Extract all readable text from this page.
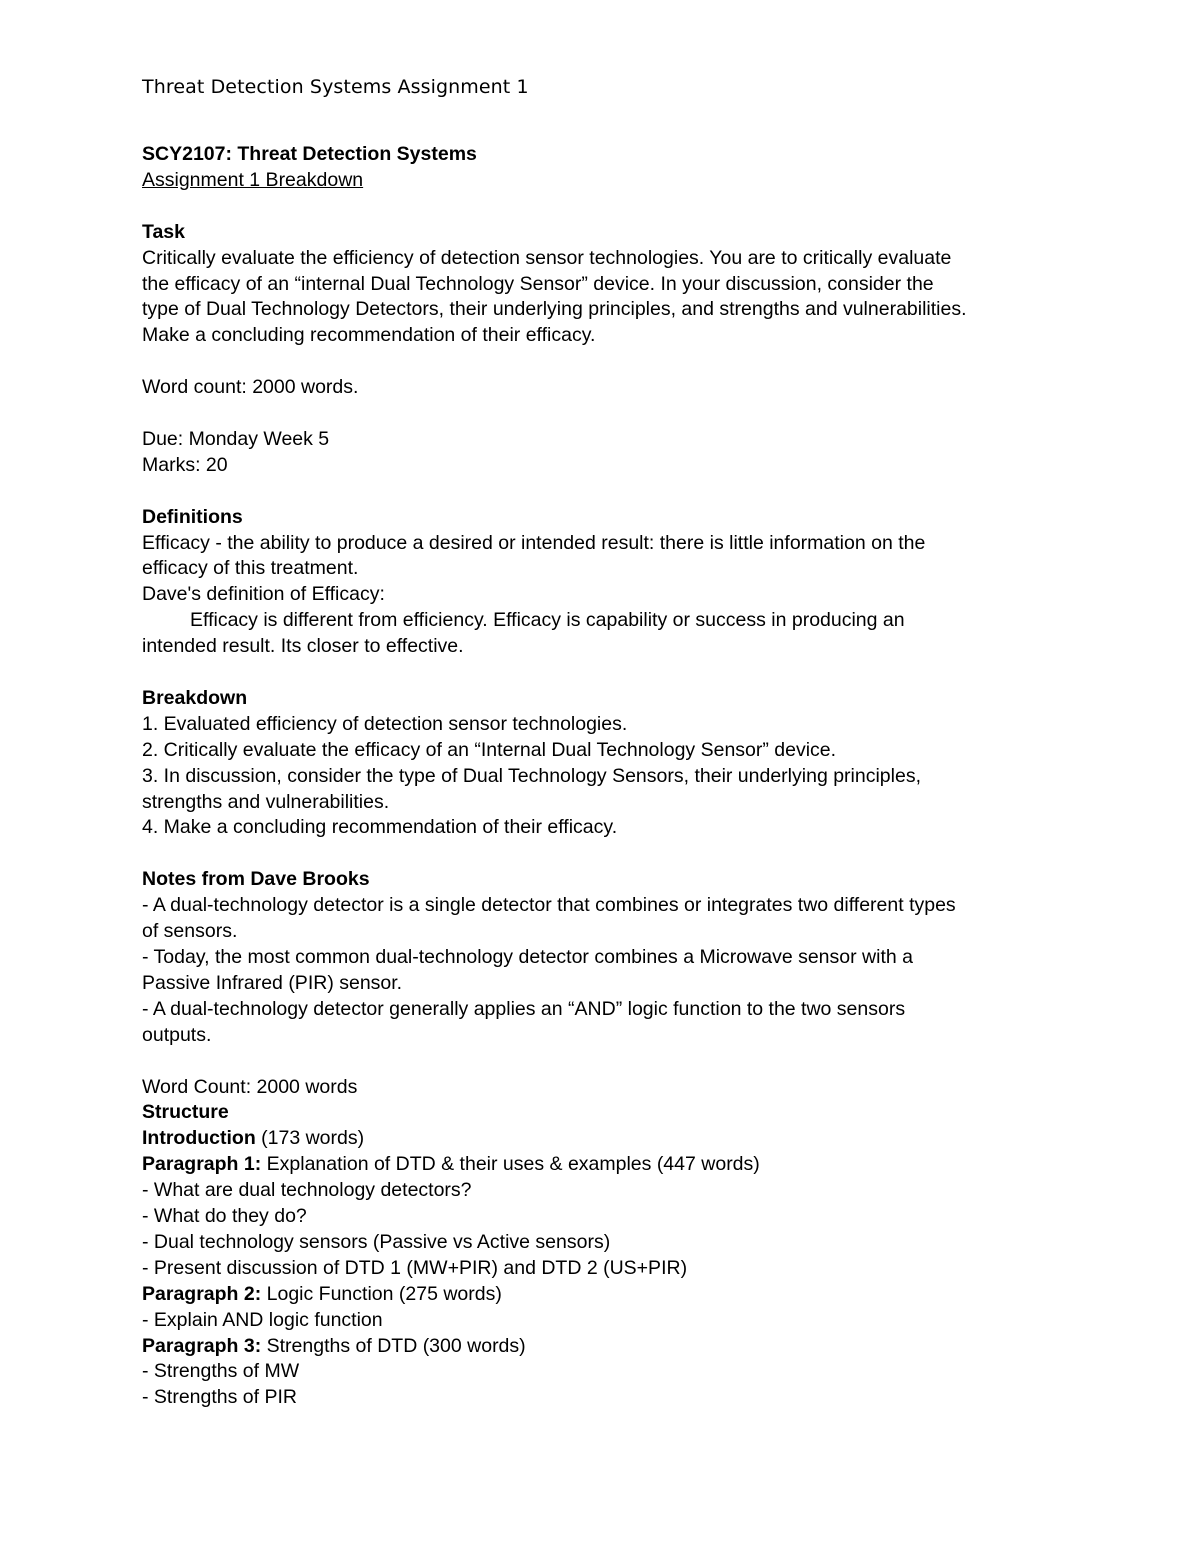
Threat Detection Systems Assignment 1
SCY2107: Threat Detection Systems
Assignment 1 Breakdown
Task
Critically evaluate the efficiency of detection sensor technologies. You are to critically evaluate
the efficacy of an “internal Dual Technology Sensor” device. In your discussion, consider the
type of Dual Technology Detectors, their underlying principles, and strengths and vulnerabilities.
Make a concluding recommendation of their efficacy.
Word count: 2000 words.
Due: Monday Week 5
Marks: 20
Definitions
Efficacy - the ability to produce a desired or intended result: there is little information on the
efficacy of this treatment.
Dave's definition of Efficacy:
Efficacy is different from efficiency. Efficacy is capability or success in producing an
intended result. Its closer to effective.
Breakdown
1. Evaluated efficiency of detection sensor technologies.
2. Critically evaluate the efficacy of an “Internal Dual Technology Sensor” device.
3. In discussion, consider the type of Dual Technology Sensors, their underlying principles,
strengths and vulnerabilities.
4. Make a concluding recommendation of their efficacy.
Notes from Dave Brooks
- A dual-technology detector is a single detector that combines or integrates two different types
of sensors.
- Today, the most common dual-technology detector combines a Microwave sensor with a
Passive Infrared (PIR) sensor.
- A dual-technology detector generally applies an “AND” logic function to the two sensors
outputs.
Word Count: 2000 words
Structure
Introduction (173 words)
Paragraph 1: Explanation of DTD & their uses & examples (447 words)
- What are dual technology detectors?
- What do they do?
- Dual technology sensors (Passive vs Active sensors)
- Present discussion of DTD 1 (MW+PIR) and DTD 2 (US+PIR)
Paragraph 2: Logic Function (275 words)
- Explain AND logic function
Paragraph 3: Strengths of DTD (300 words)
- Strengths of MW
- Strengths of PIR
